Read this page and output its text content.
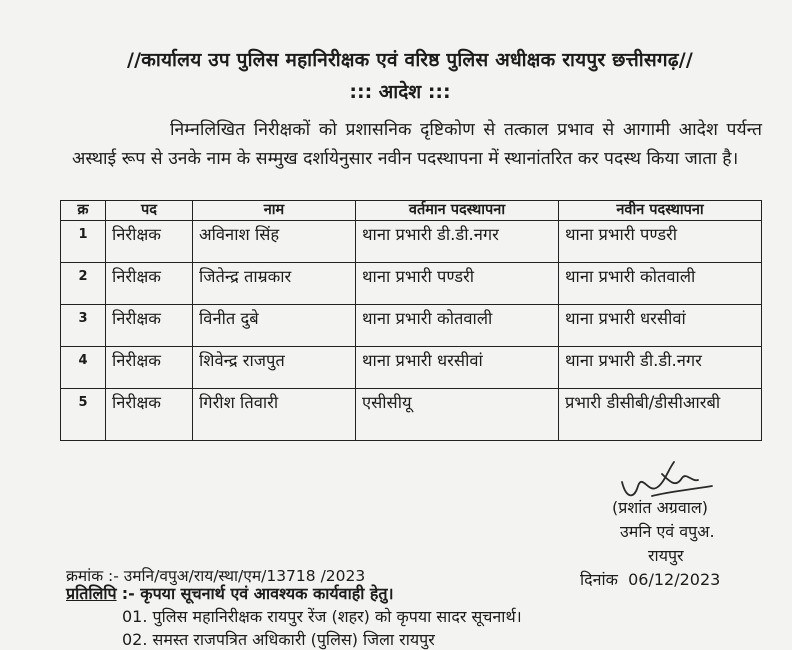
//कार्यालय उप पुलिस महानिरीक्षक एवं वरिष्ठ पुलिस अधीक्षक रायपुर छत्तीसगढ़//
::: आदेश :::
निम्नलिखित निरीक्षकों को प्रशासनिक दृष्टिकोण से तत्काल प्रभाव से आगामी आदेश पर्यन्त अस्थाई रूप से उनके नाम के सम्मुख दर्शायेनुसार नवीन पदस्थापना में स्थानांतरित कर पदस्थ किया जाता है।
क्र	पद	नाम	वर्तमान पदस्थापना	नवीन पदस्थापना
1	निरीक्षक	अविनाश सिंह	थाना प्रभारी डी.डी.नगर	थाना प्रभारी पण्डरी
2	निरीक्षक	जितेन्द्र ताम्रकार	थाना प्रभारी पण्डरी	थाना प्रभारी कोतवाली
3	निरीक्षक	विनीत दुबे	थाना प्रभारी कोतवाली	थाना प्रभारी धरसीवां
4	निरीक्षक	शिवेन्द्र राजपुत	थाना प्रभारी धरसीवां	थाना प्रभारी डी.डी.नगर
5	निरीक्षक	गिरीश तिवारी	एसीसीयू	प्रभारी डीसीबी/डीसीआरबी
(प्रशांत अग्रवाल)
उमनि एवं वपुअ.
रायपुर
क्रमांक :- उमनि/वपुअ/राय/स्था/एम/13718 /2023	दिनांक 06/12/2023
प्रतिलिपि :- कृपया सूचनार्थ एवं आवश्यक कार्यवाही हेतु।
01. पुलिस महानिरीक्षक रायपुर रेंज (शहर) को कृपया सादर सूचनार्थ।
02. समस्त राजपत्रित अधिकारी (पुलिस) जिला रायपुर
